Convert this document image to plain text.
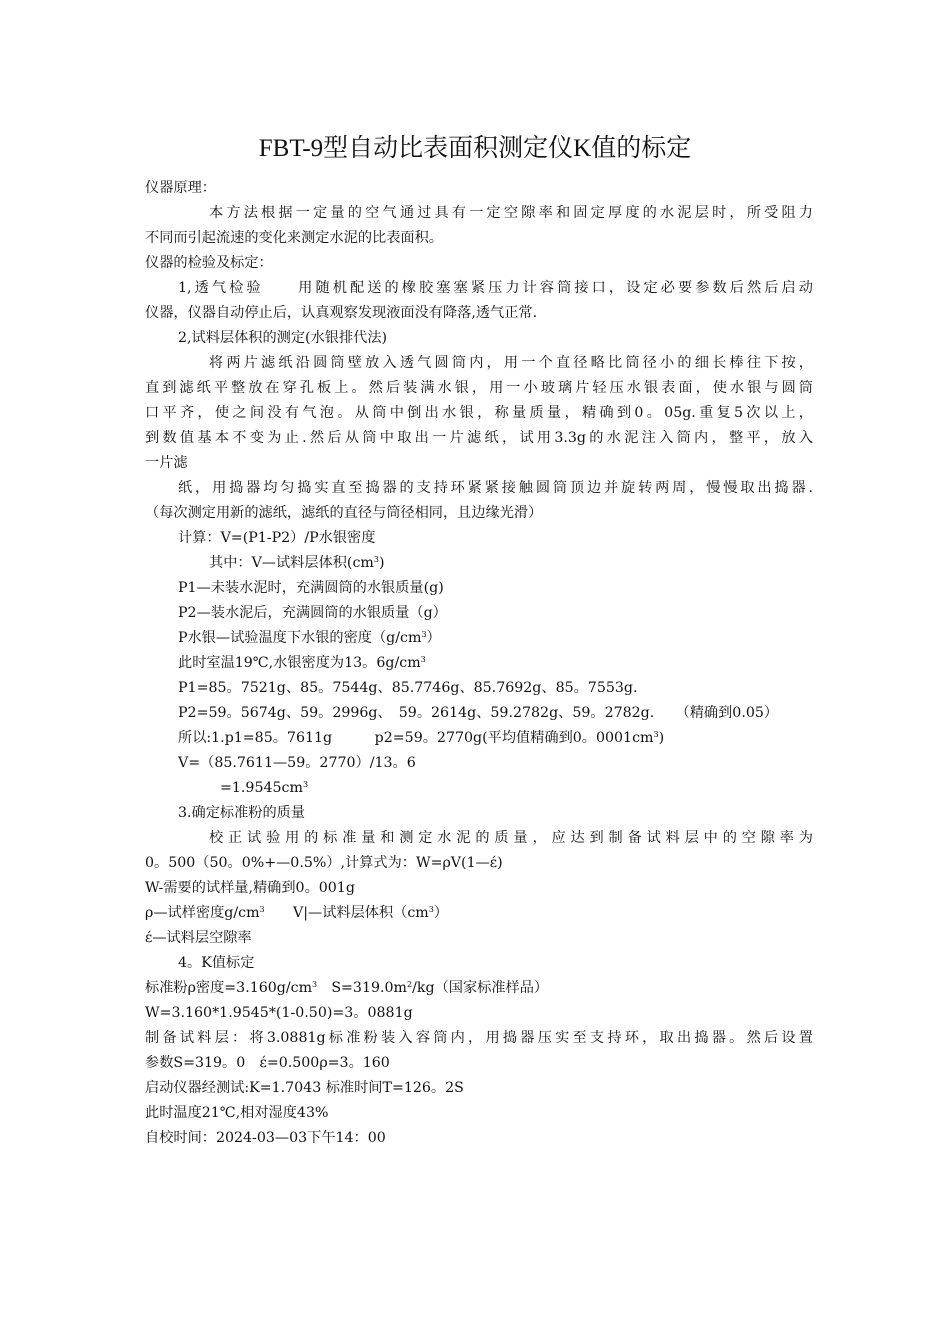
FBT-9型自动比表面积测定仪K值的标定
仪器原理：
本方法根据一定量的空气通过具有一定空隙率和固定厚度的水泥层时，所受阻力
不同而引起流速的变化来测定水泥的比表面积。
仪器的检验及标定：
1,透气检验　　用随机配送的橡胶塞塞紧压力计容筒接口，设定必要参数后然后启动
仪器，仪器自动停止后，认真观察发现液面没有降落,透气正常.
2,试料层体积的测定(水银排代法)
将两片滤纸沿圆筒壁放入透气圆筒内，用一个直径略比筒径小的细长棒往下按，
直到滤纸平整放在穿孔板上。然后装满水银，用一小玻璃片轻压水银表面，使水银与圆筒
口平齐，使之间没有气泡。从筒中倒出水银，称量质量，精确到0。05g.重复5次以上，
到数值基本不变为止.然后从筒中取出一片滤纸，试用3.3g的水泥注入筒内，整平，放入
一片滤
纸，用捣器均匀捣实直至捣器的支持环紧紧接触圆筒顶边并旋转两周，慢慢取出捣器.
（每次测定用新的滤纸，滤纸的直径与筒径相同，且边缘光滑）
计算：V=(P1-P2）/P水银密度
其中：V—试料层体积$(cm^3)$
P1—未装水泥时，充满圆筒的水银质量(g)
P2—装水泥后，充满圆筒的水银质量（g）
P水银—试验温度下水银的密度$(g/cm^3)$
此时室温19℃,水银密度为13。$6g/cm^3$
P1=85。7521g、85。7544g、85.7746g、85.7692g、85。7553g.
P2=59。5674g、59。2996g、　59。2614g、59.2782g、59。2782g.　　（精确到0.05）
所以:1.p1=85。7611g　　　p2=59。2770g(平均值精确到0。$0001cm^3$)
V=（85.7611—59。2770）/13。6
$=1.9545cm^3$
3.确定标准粉的质量
校正试验用的标准量和测定水泥的质量，应达到制备试料层中的空隙率为
0。500（50。0%+—0.5%）,计算式为：W=ρV(1—έ)
W-需要的试样量,精确到0。001g
ρ—试样密度$g/cm^3$　　V|—试料层体积$(cm^3)$
έ—试料层空隙率
4。K值标定
标准粉ρ密度$=3.160g/cm^3$　$S=319.0m^2/kg$（国家标准样品）
W=3.160*1.9545*(1-0.50)=3。0881g
制备试料层：将3.0881g标准粉装入容筒内，用捣器压实至支持环，取出捣器。然后设置
参数S=319。0　έ=0.500ρ=3。160
启动仪器经测试:K=1.7043 标准时间T=126。2S
此时温度21℃,相对湿度43%
自校时间：2024-03—03下午14：00
